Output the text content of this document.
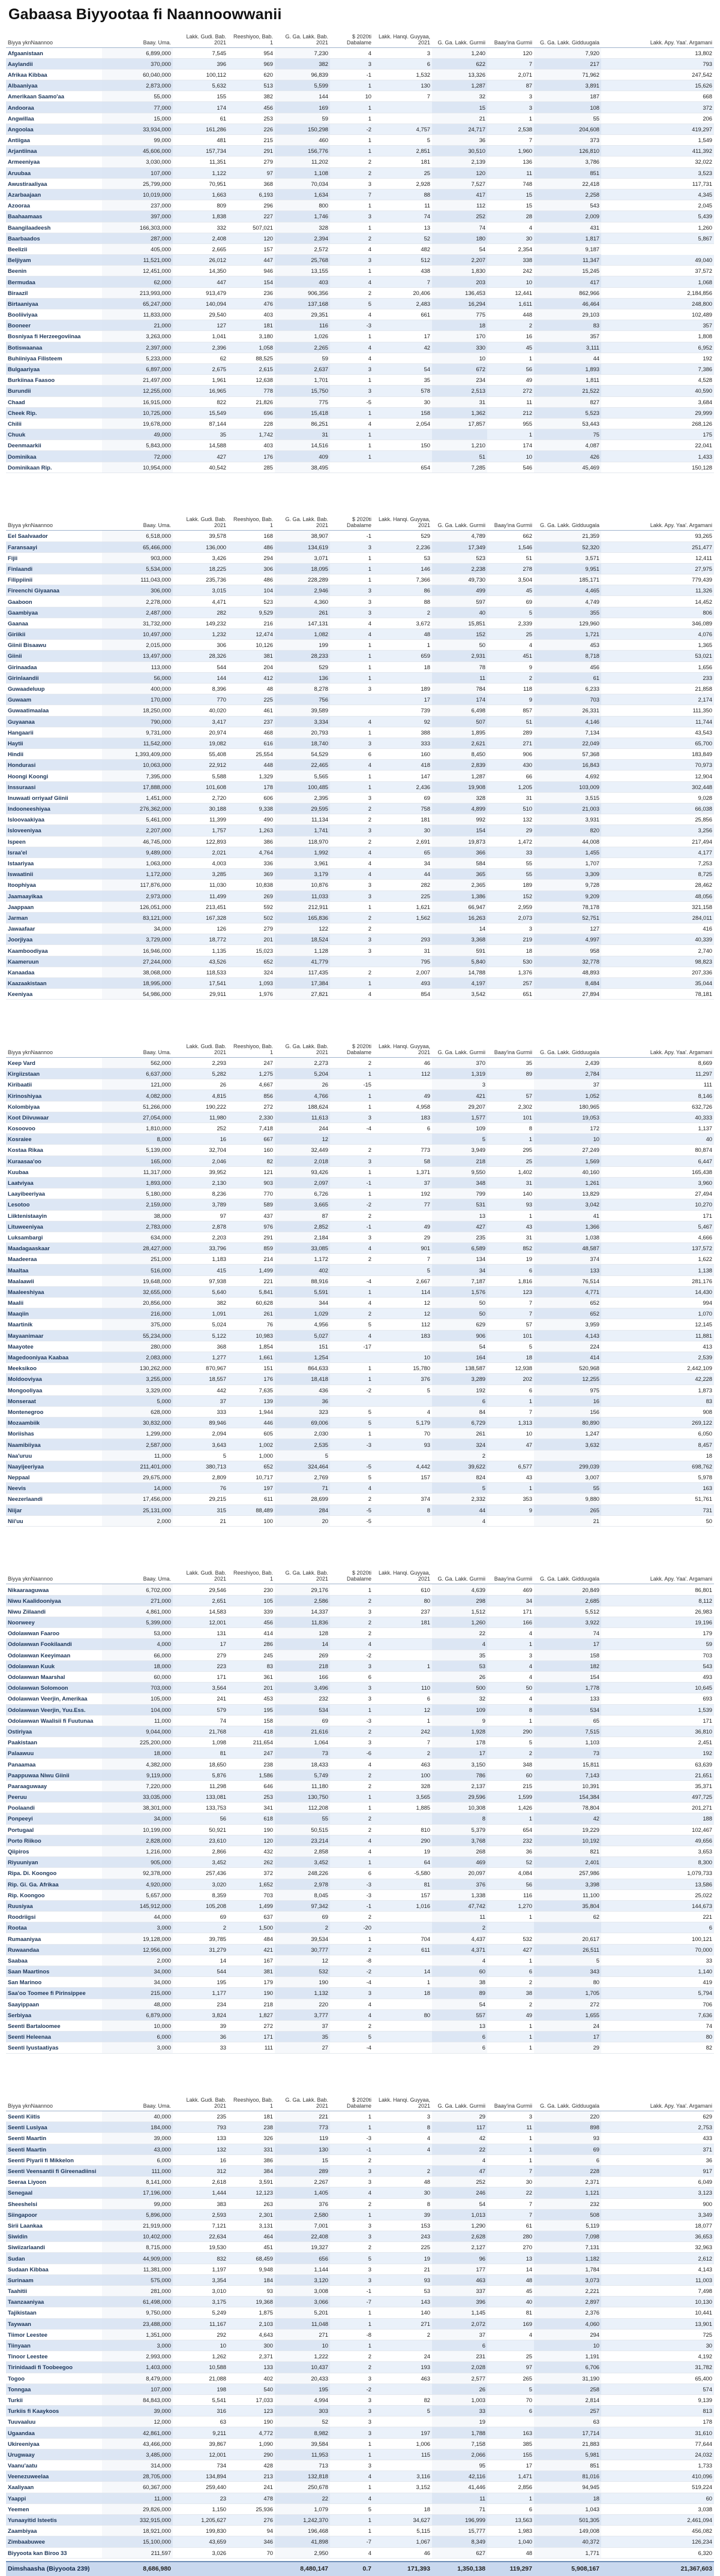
Gabaasa Biyyootaa fi Naannoowwanii
Biyya yknNaannoo	Baay. Uma.	Lakk. Gudi. Bab. 2021	Reeshiyoo, Bab. 1	G. Ga. Lakk. Bab. 2021	$ 2020ti Dabalame	Lakk. Hanqi. Guyyaa, 2021	G. Ga. Lakk. Gurmii	Baay'ina Gurmii	G. Ga. Lakk. Gidduugala	Lakk. Apy. Yaa'. Argamani
Afgaanistaan	6,899,000	7,545	954	7,230	4	3	1,240	120	7,920	13,802
Aaylandii	370,000	396	969	382	3	6	622	7	217	793
Afrikaa Kibbaa	60,040,000	100,112	620	96,839	-1	1,532	13,326	2,071	71,962	247,542
Albaaniyaa	2,873,000	5,632	513	5,599	1	130	1,287	87	3,891	15,626
Amerikaan Saamo'aa	55,000	155	382	144	10	7	32	3	187	668
Andooraa	77,000	174	456	169	1		15	3	108	372
Angwillaa	15,000	61	253	59	1		21	1	55	206
Angoolaa	33,934,000	161,286	226	150,298	-2	4,757	24,717	2,538	204,608	419,297
Antiigaa	99,000	481	215	460	1	5	36	7	373	1,549
Arjantiinaa	45,606,000	157,734	291	156,776	1	2,851	30,510	1,960	126,810	411,392
Armeeniyaa	3,030,000	11,351	279	11,202	2	181	2,139	136	3,786	32,022
Aruubaa	107,000	1,122	97	1,108	2	25	120	11	851	3,523
Awustiraaliyaa	25,799,000	70,951	368	70,034	3	2,928	7,527	748	22,418	117,731
Azarbaajaan	10,019,000	1,663	6,193	1,634	7	88	417	15	2,258	4,345
Azooraa	237,000	809	296	800	1	11	112	15	543	2,045
Baahaamaas	397,000	1,838	227	1,746	3	74	252	28	2,009	5,439
Baangilaadeesh	166,303,000	332	507,021	328	1	13	74	4	431	1,260
Baarbaados	287,000	2,408	120	2,394	2	52	180	30	1,817	5,867
Beelizii	405,000	2,665	157	2,572	4	482	54	2,354	9,187	
Beljiyam	11,521,000	26,012	447	25,768	3	512	2,207	338	11,347	49,040
Beenin	12,451,000	14,350	946	13,155	1	438	1,830	242	15,245	37,572
Bermudaa	62,000	447	154	403	4	7	203	10	417	1,068
Biraazil	213,993,000	913,479	236	906,356	2	20,406	136,453	12,441	862,966	2,184,856
Birtaaniyaa	65,247,000	140,094	476	137,168	5	2,483	16,294	1,611	46,464	248,800
Booliiviyaa	11,833,000	29,540	403	29,351	4	661	775	448	29,103	102,489
Booneer	21,000	127	181	116	-3		18	2	83	357
Bosniyaa fi Herzeegoviinaa	3,263,000	1,041	3,180	1,026	1	17	170	16	357	1,808
Botiswaanaa	2,397,000	2,396	1,058	2,265	4	42	330	45	3,111	6,952
Buhiiniyaa Filisteem	5,233,000	62	88,525	59	4		10	1	44	192
Bulgaariyaa	6,897,000	2,675	2,615	2,637	3	54	672	56	1,893	7,386
Burkiinaa Faasoo	21,497,000	1,961	12,638	1,701	1	35	234	49	1,811	4,528
Burundii	12,255,000	16,965	778	15,750	3	578	2,513	272	21,522	40,590
Chaad	16,915,000	822	21,826	775	-5	30	31	11	827	3,684
Cheek Rip.	10,725,000	15,549	696	15,418	1	158	1,362	212	5,523	29,999
Chilii	19,678,000	87,144	228	86,251	4	2,054	17,857	955	53,443	268,126
Chuuk	49,000	35	1,742	31	1			1	75	175
Deenmaarkii	5,843,000	14,588	403	14,516	1	150	1,210	174	4,087	22,041
Dominikaa	72,000	427	176	409	1		51	10	426	1,433
Dominikaan Rip.	10,954,000	40,542	285	38,495		654	7,285	546	45,469	150,128
Biyya yknNaannoo	Baay. Uma.	Lakk. Gudi. Bab. 2021	Reeshiyoo, Bab. 1	G. Ga. Lakk. Bab. 2021	$ 2020ti Dabalame	Lakk. Hanqi. Guyyaa, 2021	G. Ga. Lakk. Gurmii	Baay'ina Gurmii	G. Ga. Lakk. Gidduugala	Lakk. Apy. Yaa'. Argamani
Eel Saalvaador	6,518,000	39,578	168	38,907	-1	529	4,789	662	21,359	93,265
Faransaayi	65,466,000	136,000	486	134,619	3	2,236	17,349	1,546	52,320	251,477
Fijii	903,000	3,426	294	3,071	1	53	523	51	3,571	12,411
Finlaandi	5,534,000	18,225	306	18,095	1	146	2,238	278	9,951	27,975
Filippiinii	111,043,000	235,736	486	228,289	1	7,366	49,730	3,504	185,171	779,439
Fireenchi Giyaanaa	306,000	3,015	104	2,946	3	86	499	45	4,465	11,326
Gaaboon	2,278,000	4,471	523	4,360	3	88	597	69	4,749	14,452
Gaambiyaa	2,487,000	282	9,529	261	3	2	40	5	355	806
Gaanaa	31,732,000	149,232	216	147,131	4	3,672	15,851	2,339	129,960	346,089
Giriikii	10,497,000	1,232	12,474	1,082	4	48	152	25	1,721	4,076
Giinii Bisaawu	2,015,000	306	10,126	199	1	1	50	4	453	1,365
Giinii	13,497,000	28,326	381	28,233	1	659	2,931	451	8,718	53,021
Girinaadaa	113,000	544	204	529	1	18	78	9	456	1,656
Girinlaandii	56,000	144	412	136	1		11	2	61	233
Guwaadeluup	400,000	8,396	48	8,278	3	189	784	118	6,233	21,858
Guwaam	170,000	770	225	756		17	174	9	703	2,174
Guwaatimaalaa	18,250,000	40,020	461	39,589		739	6,498	857	26,331	111,350
Guyaanaa	790,000	3,417	237	3,334	4	92	507	51	4,146	11,744
Hangaarii	9,731,000	20,974	468	20,793	1	388	1,895	289	7,134	43,543
Haytii	11,542,000	19,082	616	18,740	3	333	2,621	271	22,049	65,700
Hindii	1,393,409,000	55,408	25,554	54,529	6	160	8,450	906	57,368	183,849
Hondurasi	10,063,000	22,912	448	22,465	4	418	2,839	430	16,843	70,973
Hoongi Koongi	7,395,000	5,588	1,329	5,565	1	147	1,287	66	4,692	12,904
Inssuraasi	17,888,000	101,608	178	100,485	1	2,436	19,908	1,205	103,009	302,448
Inuwaati orriyaaf Giinii	1,451,000	2,720	606	2,395	3	69	328	31	3,515	9,028
Indooneeshiyaa	276,362,000	30,188	9,338	29,595	2	758	4,899	510	21,003	66,038
Isloovaakiyaa	5,461,000	11,399	490	11,134	2	181	992	132	3,931	25,856
Isloveeniyaa	2,207,000	1,757	1,263	1,741	3	30	154	29	820	3,256
Ispeen	46,745,000	122,893	386	118,970	2	2,691	19,873	1,472	44,008	217,494
Israa'el	9,489,000	2,021	4,764	1,992	4	65	366	33	1,455	4,177
Istaariyaa	1,063,000	4,003	336	3,961	4	34	584	55	1,707	7,253
Iswaatinii	1,172,000	3,285	369	3,179	4	44	365	55	3,309	8,725
Itoophiyaa	117,876,000	11,030	10,838	10,876	3	282	2,365	189	9,728	28,462
Jaamaayikaa	2,973,000	11,499	269	11,033	3	225	1,386	152	9,209	48,056
Jaappaan	126,051,000	213,451	592	212,911	1	1,621	66,947	2,959	78,178	321,158
Jarman	83,121,000	167,328	502	165,836	2	1,562	16,263	2,073	52,751	284,011
Jawaafaar	34,000	126	279	122	2		14	3	127	416
Joorjiyaa	3,729,000	18,772	201	18,524	3	293	3,368	219	4,997	40,339
Kaamboodiyaa	16,946,000	1,135	15,023	1,128	3	31	591	18	958	2,740
Kaameruun	27,244,000	43,526	652	41,779		795	5,840	530	32,778	98,823
Kanaadaa	38,068,000	118,533	324	117,435	2	2,007	14,788	1,376	48,893	207,336
Kaazaakistaan	18,995,000	17,541	1,093	17,384	1	493	4,197	257	8,484	35,044
Keeniyaa	54,986,000	29,911	1,976	27,821	4	854	3,542	651	27,894	78,181
Biyya yknNaannoo	Baay. Uma.	Lakk. Gudi. Bab. 2021	Reeshiyoo, Bab. 1	G. Ga. Lakk. Bab. 2021	$ 2020ti Dabalame	Lakk. Hanqi. Guyyaa, 2021	G. Ga. Lakk. Gurmii	Baay'ina Gurmii	G. Ga. Lakk. Gidduugala	Lakk. Apy. Yaa'. Argamani
Keep Vard	562,000	2,293	247	2,273	2	46	370	35	2,439	8,669
Kirgiizstaan	6,637,000	5,282	1,275	5,204	1	112	1,319	89	2,784	11,297
Kiribaatii	121,000	26	4,667	26	-15		3		37	111
Kirinoshiyaa	4,082,000	4,815	856	4,766	1	49	421	57	1,052	8,146
Kolombiyaa	51,266,000	190,222	272	188,624	1	4,958	29,207	2,302	180,965	632,726
Koot Diivuwaar	27,054,000	11,980	2,330	11,613	3	183	1,577	101	19,053	40,333
Kosoovoo	1,810,000	252	7,418	244	-4	6	109	8	172	1,137
Kosraiee	8,000	16	667	12			5	1	10	40
Kostaa Rikaa	5,139,000	32,704	160	32,449	2	773	3,949	295	27,249	80,874
Kuraasaa'oo	165,000	2,046	82	2,018	3	58	218	25	1,569	6,447
Kuubaa	11,317,000	39,952	121	93,426	1	1,371	9,550	1,402	40,160	165,438
Laatviyaa	1,893,000	2,130	903	2,097	-1	37	348	31	1,261	3,960
Laayibeeriyaa	5,180,000	8,236	770	6,726	1	192	799	140	13,829	27,494
Lesotoo	2,159,000	3,789	589	3,665	-2	77	531	93	3,042	10,270
Liiktenistaayin	38,000	97	437	87	2		13	1	41	171
Lituweeniyaa	2,783,000	2,878	976	2,852	-1	49	427	43	1,366	5,467
Luksambargi	634,000	2,203	291	2,184	3	29	235	31	1,038	4,666
Maadagaaskaar	28,427,000	33,796	859	33,085	4	901	6,589	852	48,587	137,572
Maadeeraa	251,000	1,183	214	1,172	2	7	134	19	374	1,622
Maaltaa	516,000	415	1,499	402		5	34	6	133	1,138
Maalaawii	19,648,000	97,938	221	88,916	-4	2,667	7,187	1,816	76,514	281,176
Maaleeshiyaa	32,655,000	5,640	5,841	5,591	1	114	1,576	123	4,771	14,430
Maalii	20,856,000	382	60,628	344	4	12	50	7	652	994
Maaqiin	216,000	1,091	261	1,029	2	12	50	7	652	1,070
Maartinik	375,000	5,024	76	4,956	5	112	629	57	3,959	12,145
Mayaanimaar	55,234,000	5,122	10,983	5,027	4	183	906	101	4,143	11,881
Maayotee	280,000	368	1,854	151	-17		54	5	224	413
Magedooniyaa Kaabaa	2,083,000	1,277	1,661	1,254		10	164	18	414	2,539
Meeksikoo	130,262,000	870,967	151	864,633	1	15,780	138,587	12,938	520,968	2,442,109
Moldooviyaa	3,255,000	18,557	176	18,418	1	376	3,289	202	12,255	42,228
Mongooliyaa	3,329,000	442	7,635	436	-2	5	192	6	975	1,873
Monseraat	5,000	37	139	36			6	1	16	83
Montenegroo	628,000	333	1,944	323	5	4	84	7	156	908
Mozaambiik	30,832,000	89,946	446	69,006	5	5,179	6,729	1,313	80,890	269,122
Moriishas	1,299,000	2,094	605	2,030	1	70	261	10	1,247	6,050
Naamibiiyaa	2,587,000	3,643	1,002	2,535	-3	93	324	47	3,632	8,457
Naa'uruu	11,000	5	1,000	5			2			18
Naayijeeriyaa	211,401,000	380,713	652	324,464	-5	4,442	39,622	6,577	299,039	698,762
Neppaal	29,675,000	2,809	10,717	2,769	5	157	824	43	3,007	5,978
Neevis	14,000	76	197	71	4		5	1	55	163
Neezerlaandi	17,456,000	29,215	611	28,699	2	374	2,332	353	9,880	51,761
Niijar	25,131,000	315	88,489	284	-5	8	44	9	265	731
Nii'uu	2,000	21	100	20	-5		4		21	50
Biyya yknNaannoo	Baay. Uma.	Lakk. Gudi. Bab. 2021	Reeshiyoo, Bab. 1	G. Ga. Lakk. Bab. 2021	$ 2020ti Dabalame	Lakk. Hanqi. Guyyaa, 2021	G. Ga. Lakk. Gurmii	Baay'ina Gurmii	G. Ga. Lakk. Gidduugala	Lakk. Apy. Yaa'. Argamani
Nikaaraaguwaa	6,702,000	29,546	230	29,176	1	610	4,639	469	20,849	86,801
Niwu Kaalidooniyaa	271,000	2,651	105	2,586	2	80	298	34	2,685	8,112
Niwu Ziilaandi	4,861,000	14,583	339	14,337	3	237	1,512	171	5,512	26,983
Noorweey	5,399,000	12,001	456	11,836	2	181	1,260	166	3,922	19,196
Odolawwan Faaroo	53,000	131	414	128	2		22	4	74	179
Odolawwan Fookilaandi	4,000	17	286	14	4		4	1	17	59
Odolawwan Keeyimaan	66,000	279	245	269	-2		35	3	158	703
Odolawwan Kuuk	18,000	223	83	218	3	1	53	4	182	543
Odolawwan Maarshal	60,000	171	361	166	6		26	4	154	493
Odolawwan Solomoon	703,000	3,564	201	3,496	3	110	500	50	1,778	10,645
Odolawwan Veerjin, Amerikaa	105,000	241	453	232	3	6	32	4	133	693
Odolawwan Veerjin, Yuu.Ess.	104,000	579	195	534	1	12	109	8	534	1,539
Odolawwan Waalisii fi Fuutunaa	11,000	74	158	69	-3	1	9	1	65	171
Ostiriyaa	9,044,000	21,768	418	21,616	2	242	1,928	290	7,515	36,810
Paakistaan	225,200,000	1,098	211,654	1,064	3	7	178	5	1,103	2,451
Palaawuu	18,000	81	247	73	-6	2	17	2	73	192
Panaamaa	4,382,000	18,650	238	18,433	4	463	3,150	348	15,811	63,639
Paappuwaa Niwu Giinii	9,119,000	5,876	1,586	5,749	2	100	786	60	7,143	21,651
Paaraaguwaay	7,220,000	11,298	646	11,180	2	328	2,137	215	10,391	35,371
Peeruu	33,035,000	133,081	253	130,750	1	3,565	29,596	1,599	154,384	497,725
Poolaandi	38,301,000	133,753	341	112,208	1	1,885	10,308	1,426	78,804	201,271
Ponpeeyi	34,000	56	618	55	2		8	1	42	188
Portugaal	10,199,000	50,921	190	50,515	2	810	5,379	654	19,229	102,467
Porto Riikoo	2,828,000	23,610	120	23,214	4	290	3,768	232	10,192	49,656
Qiipiros	1,216,000	2,866	432	2,858	4	19	268	36	821	3,653
Riyuuniyan	905,000	3,452	262	3,452	1	64	469	52	2,401	8,300
Ripa. Di. Koongoo	92,378,000	257,436	372	248,226	6	-5,580	20,097	4,084	257,986	1,079,733
Rip. Gi. Ga. Afrikaa	4,920,000	3,020	1,652	2,978	-3	81	376	56	3,398	13,586
Rip. Koongoo	5,657,000	8,359	703	8,045	-3	157	1,338	116	11,100	25,022
Ruusiyaa	145,912,000	105,208	1,499	97,342	-1	1,016	47,742	1,270	35,804	144,673
Roodriigsi	44,000	69	637	69	2		11	1	62	221
Rootaa	3,000	2	1,500	2	-20		2			6
Rumaaniyaa	19,128,000	39,785	484	39,534	1	704	4,437	532	20,617	100,121
Ruwaandaa	12,956,000	31,279	421	30,777	2	611	4,371	427	26,511	70,000
Saabaa	2,000	14	167	12	-8		4	1	5	33
Saan Maartinos	34,000	544	381	532	-2	14	60	6	343	1,140
San Marinoo	34,000	195	179	190	-4	1	38	2	80	419
Saa'oo Toomee fi Pirinsippee	215,000	1,177	190	1,132	3	18	89	38	1,705	5,794
Saayippaan	48,000	234	218	220	4		54	2	272	706
Serbiyaa	6,879,000	3,824	1,827	3,777	4	80	557	49	1,655	7,636
Seenti Bartaloomee	10,000	39	272	37	2		13	1	24	74
Seenti Heleenaa	6,000	36	171	35	5		6	1	17	80
Seenti Iyustaatiyas	3,000	33	111	27	-4		6	1	29	82
Biyya yknNaannoo	Baay. Uma.	Lakk. Gudi. Bab. 2021	Reeshiyoo, Bab. 1	G. Ga. Lakk. Bab. 2021	$ 2020ti Dabalame	Lakk. Hanqi. Guyyaa, 2021	G. Ga. Lakk. Gurmii	Baay'ina Gurmii	G. Ga. Lakk. Gidduugala	Lakk. Apy. Yaa'. Argamani
Seenti Kiitis	40,000	235	181	221	1	3	29	3	220	629
Seenti Lusiyaa	184,000	793	238	773	1	8	117	11	898	2,753
Seenti Maartin	39,000	133	326	119	-3	4	42	1	93	433
Seenti Maartin	43,000	132	331	130	-1	4	22	1	69	371
Seenti Piyarii fi Mikkelon	6,000	16	386	15	2		4	1	6	36
Seenti Veensantii fi Gireenadiinsi	111,000	312	384	289	3	2	47	7	228	917
Seeraa Liyoon	8,141,000	2,618	3,591	2,267	3	48	252	30	2,371	6,049
Senegaal	17,196,000	1,444	12,123	1,405	4	30	246	22	1,121	3,123
Sheeshelsi	99,000	383	263	376	2	8	54	7	232	900
Siingapoor	5,896,000	2,593	2,301	2,580	1	39	1,013	7	508	3,349
Sirii Laankaa	21,919,000	7,121	3,131	7,001	3	153	1,290	61	5,119	18,077
Siwidin	10,402,000	22,634	464	22,408	3	243	2,628	280	7,098	36,653
Siwiizarlaandi	8,715,000	19,530	451	19,327	2	225	2,127	270	7,131	32,963
Sudan	44,909,000	832	68,459	656	5	19	96	13	1,182	2,612
Sudaan Kibbaa	11,381,000	1,197	9,948	1,144	3	21	177	14	1,784	4,143
Surinaam	575,000	3,354	184	3,120	3	93	463	48	3,073	11,003
Taahitii	281,000	3,010	93	3,008	-1	53	337	45	2,221	7,498
Taanzaaniyaa	61,498,000	3,175	19,368	3,066	-7	143	396	40	2,897	10,130
Tajikistaan	9,750,000	5,249	1,875	5,201	1	140	1,145	81	2,376	10,441
Taywaan	23,488,000	11,167	2,103	11,048	1	271	2,072	169	4,060	13,901
Tiimor Leestee	1,351,000	292	4,643	271	-8	2	37	4	294	725
Tiinyaan	3,000	10	300	10	1		6		10	30
Tinoor Leestee	2,993,000	1,262	2,371	1,222	2	24	231	25	1,191	4,192
Tirinidaadi fi Toobeegoo	1,403,000	10,588	133	10,437	2	193	2,028	97	6,706	31,782
Togoo	8,479,000	21,088	402	20,433	3	463	2,577	265	31,190	65,400
Tonngaa	107,000	198	540	195	-2		26	5	258	574
Turkii	84,843,000	5,541	17,033	4,994	3	82	1,003	70	2,814	9,139
Turkiis fi Kaaykoos	39,000	316	123	303	3	5	33	6	257	813
Tuuvaaluu	12,000	63	190	52	3		19		63	178
Ugaandaa	42,861,000	9,211	4,772	8,982	3	197	1,788	163	17,714	31,610
Ukireeniyaa	43,466,000	39,867	1,090	39,584	1	1,006	7,158	385	21,883	77,644
Urugwaay	3,485,000	12,001	290	11,953	1	115	2,066	155	5,981	24,032
Vaanu'aatu	314,000	734	428	713	3		95	17	851	1,733
Veenezuweelaa	28,705,000	134,894	213	132,818	4	3,116	42,116	1,471	81,016	410,096
Xaaliyaan	60,367,000	259,440	241	250,678	1	3,152	41,446	2,856	94,945	519,224
Yaappi	11,000	23	478	22	4		11	1	18	60
Yeemen	29,826,000	1,150	25,936	1,079	5	18	71	6	1,043	3,038
Yunaayitid Isteetis	332,915,000	1,205,627	276	1,242,370	1	34,627	196,999	13,563	501,305	2,461,094
Zaambiyaa	18,921,000	199,830	94	196,468	1	5,115	15,777	1,983	149,008	456,082
Zimbaabuwee	15,100,000	43,659	346	41,898	-7	1,067	8,349	1,040	40,372	126,234
Biyyoota kan Biroo 33	211,597	3,026	70	2,950	4	46	627	48	1,771	6,320
Dimshaasha (Biyyoota 239)	8,686,980			8,480,147	0.7	171,393	1,350,138	119,297	5,908,167	21,367,603
